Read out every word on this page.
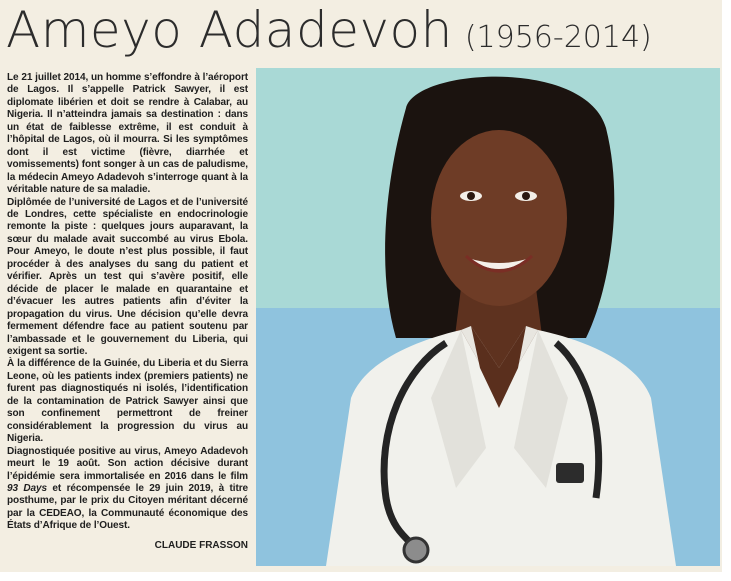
Ameyo Adadevoh (1956-2014)

Le 21 juillet 2014, un homme s’effondre à l’aéroport de Lagos. Il s’appelle Patrick Sawyer, il est diplomate libérien et doit se rendre à Calabar, au Nigeria. Il n’atteindra jamais sa destination : dans un état de faiblesse extrême, il est conduit à l’hôpital de Lagos, où il mourra. Si les symptômes dont il est victime (fièvre, diarrhée et vomissements) font songer à un cas de paludisme, la médecin Ameyo Adadevoh s’interroge quant à la véritable nature de sa maladie.

Diplômée de l’université de Lagos et de l’université de Londres, cette spécialiste en endocrinologie remonte la piste : quelques jours auparavant, la sœur du malade avait succombé au virus Ebola. Pour Ameyo, le doute n’est plus possible, il faut procéder à des analyses du sang du patient et vérifier. Après un test qui s’avère positif, elle décide de placer le malade en quarantaine et d’évacuer les autres patients afin d’éviter la propagation du virus. Une décision qu’elle devra fermement défendre face au patient soutenu par l’ambassade et le gouvernement du Liberia, qui exigent sa sortie.

À la différence de la Guinée, du Liberia et du Sierra Leone, où les patients index (premiers patients) ne furent pas diagnostiqués ni isolés, l’identification de la contamination de Patrick Sawyer ainsi que son confinement permettront de freiner considérablement la progression du virus au Nigeria.

Diagnostiquée positive au virus, Ameyo Adadevoh meurt le 19 août. Son action décisive durant l’épidémie sera immortalisée en 2016 dans le film 93 Days et récompensée le 29 juin 2019, à titre posthume, par le prix du Citoyen méritant décerné par la CEDEAO, la Communauté économique des États d’Afrique de l’Ouest.

CLAUDE FRASSON
